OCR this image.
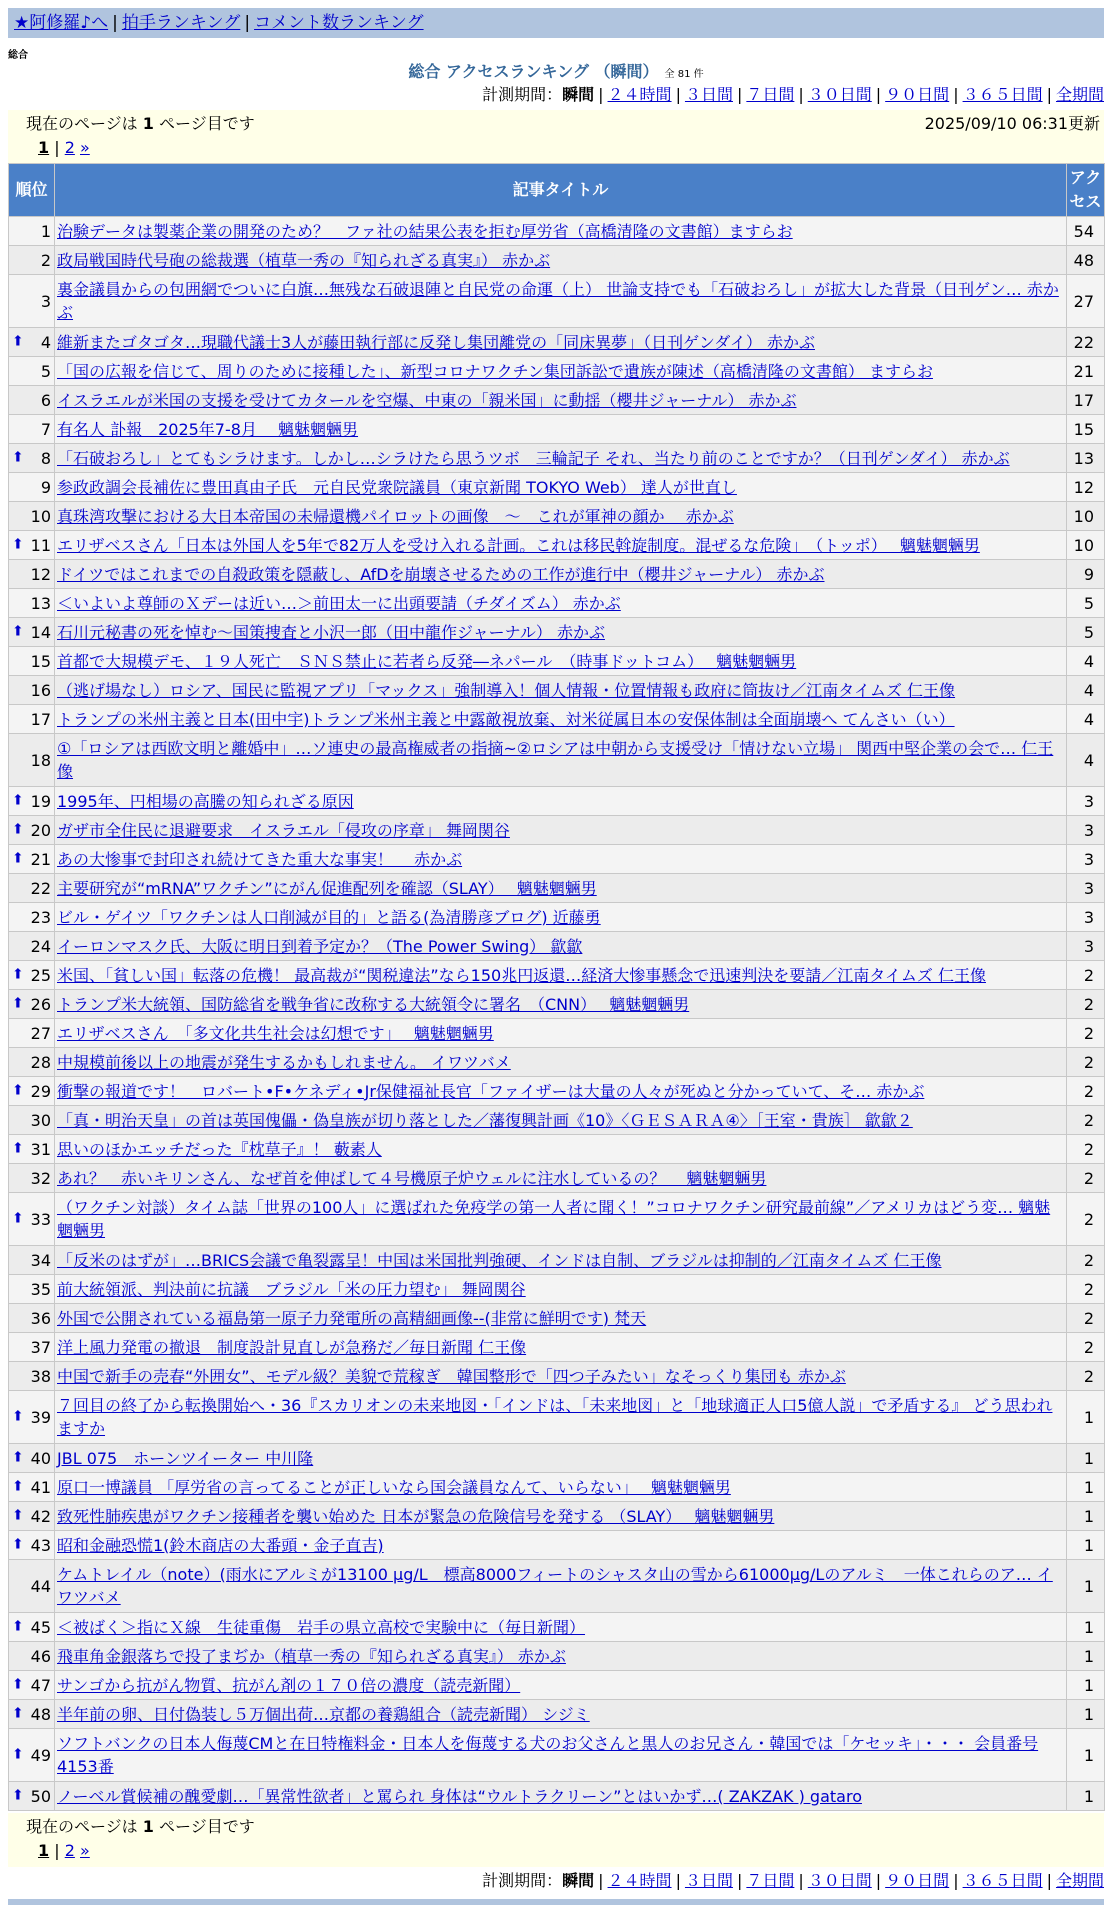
★阿修羅♪へ | 拍手ランキング | コメント数ランキング
総合
総合 アクセスランキング （瞬間） 全 81 件
計測期間：瞬間 | ２４時間 | ３日間 | ７日間 | ３０日間 | ９０日間 | ３６５日間 | 全期間
現在のページは 1 ページ目です	2025/09/10 06:31更新
1 | 2 »
順位	記事タイトル	アクセス
1	治験データは製薬企業の開発のため？　ファ社の結果公表を拒む厚労省（高橋清隆の文書館）ますらお	54
2	政局戦国時代号砲の総裁選（植草一秀の『知られざる真実』） 赤かぶ	48
3	裏金議員からの包囲網でついに白旗…無残な石破退陣と自民党の命運（上） 世論支持でも「石破おろし」が拡大した背景（日刊ゲン… 赤かぶ	27

⬆ 4	維新またゴタゴタ…現職代議士3人が藤田執行部に反発し集団離党の「同床異夢」（日刊ゲンダイ） 赤かぶ	22
5	「国の広報を信じて、周りのために接種した」、新型コロナワクチン集団訴訟で遺族が陳述（高橋清隆の文書館） ますらお	21
6	イスラエルが米国の支援を受けてカタールを空爆、中東の「親米国」に動揺（櫻井ジャーナル） 赤かぶ	17
7	有名人 訃報　2025年7-8月　 魑魅魍魎男	15

⬆ 8	「石破おろし」とてもシラけます。しかし…シラけたら思うツボ　三輪記子 それ、当たり前のことですか？（日刊ゲンダイ） 赤かぶ	13
9	参政政調会長補佐に豊田真由子氏　元自民党衆院議員（東京新聞 TOKYO Web） 達人が世直し	12
10	真珠湾攻撃における大日本帝国の未帰還機パイロットの画像　～　これが軍神の顔か　 赤かぶ	10

⬆ 11	エリザベスさん「日本は外国人を5年で82万人を受け入れる計画。これは移民斡旋制度。混ぜるな危険」　（トッポ）　 魑魅魍魎男	10
12	ドイツではこれまでの自殺政策を隠蔽し、AfDを崩壊させるための工作が進行中（櫻井ジャーナル） 赤かぶ	9
13	＜いよいよ尊師のＸデーは近い…＞前田太一に出頭要請（チダイズム） 赤かぶ	5

⬆ 14	石川元秘書の死を悼む～国策捜査と小沢一郎（田中龍作ジャーナル） 赤かぶ	5
15	首都で大規模デモ、１９人死亡　ＳＮＳ禁止に若者ら反発―ネパール　（時事ドットコム）　 魑魅魍魎男	4
16	（逃げ場なし）ロシア、国民に監視アプリ「マックス」強制導入！個人情報・位置情報も政府に筒抜け／江南タイムズ 仁王像	4
17	トランプの米州主義と日本(田中宇)トランプ米州主義と中露敵視放棄、対米従属日本の安保体制は全面崩壊へ てんさい（い）	4
18	①「ロシアは西欧文明と離婚中」…ソ連史の最高権威者の指摘~②ロシアは中朝から支援受け「情けない立場」 関西中堅企業の会で… 仁王像	4

⬆ 19	1995年、円相場の高騰の知られざる原因	3

⬆ 20	ガザ市全住民に退避要求　イスラエル「侵攻の序章」 舞岡関谷	3

⬆ 21	あの大惨事で封印され続けてきた重大な事実！　 赤かぶ	3
22	主要研究が“mRNA”ワクチン”にがん促進配列を確認（SLAY）　 魑魅魍魎男	3
23	ビル・ゲイツ「ワクチンは人口削減が目的」と語る(為清勝彦ブログ) 近藤勇	3
24	イーロンマスク氏、大阪に明日到着予定か？（The Power Swing） 歙歙	3

⬆ 25	米国、「貧しい国」転落の危機！ 最高裁が“関税違法”なら150兆円返還…経済大惨事懸念で迅速判決を要請／江南タイムズ 仁王像	2

⬆ 26	トランプ米大統領、国防総省を戦争省に改称する大統領令に署名　（CNN）　 魑魅魍魎男	2
27	エリザベスさん　「多文化共生社会は幻想です」　 魑魅魍魎男	2
28	中規模前後以上の地震が発生するかもしれません。 イワツバメ	2

⬆ 29	衝撃の報道です！　ロバート•F•ケネディ•Jr保健福祉長官「ファイザーは大量の人々が死ぬと分かっていて、そ… 赤かぶ	2
30	「真・明治天皇」の首は英国傀儡・偽皇族が切り落とした／藩復興計画《10》〈ＧＥＳＡＲＡ④〉［王室・貴族］ 歙歙２	2

⬆ 31	思いのほかエッチだった『枕草子』！ 藪素人	2
32	あれ？　赤いキリンさん、なぜ首を伸ばして４号機原子炉ウェルに注水しているの？　 魑魅魍魎男	2

⬆ 33	（ワクチン対談）タイム誌「世界の100人」に選ばれた免疫学の第一人者に聞く！”コロナワクチン研究最前線”／アメリカはどう変… 魑魅魍魎男	2
34	「反米のはずが」…BRICS会議で亀裂露呈！中国は米国批判強硬、インドは自制、ブラジルは抑制的／江南タイムズ 仁王像	2
35	前大統領派、判決前に抗議　ブラジル「米の圧力望む」 舞岡関谷	2
36	外国で公開されている福島第一原子力発電所の高精細画像--(非常に鮮明です) 梵天	2
37	洋上風力発電の撤退　制度設計見直しが急務だ／毎日新聞 仁王像	2
38	中国で新手の売春“外囲女”、モデル級？美貌で荒稼ぎ　韓国整形で「四つ子みたい」なそっくり集団も 赤かぶ	2

⬆ 39	７回目の終了から転換開始へ・36『スカリオンの未来地図・「インドは、「未来地図」と「地球適正人口5億人説」で矛盾する』 どう思われますか	1

⬆ 40	JBL 075　ホーンツイーター 中川隆	1

⬆ 41	原口一博議員 「厚労省の言ってることが正しいなら国会議員なんて、いらない」　 魑魅魍魎男	1

⬆ 42	致死性肺疾患がワクチン接種者を襲い始めた 日本が緊急の危険信号を発する （SLAY）　 魑魅魍魎男	1

⬆ 43	昭和金融恐慌1(鈴木商店の大番頭・金子直吉)	1
44	ケムトレイル（note）(雨水にアルミが13100 µg/L　標高8000フィートのシャスタ山の雪から61000µg/Lのアルミ　一体これらのア… イワツバメ	1

⬆ 45	＜被ばく＞指にＸ線　生徒重傷　岩手の県立高校で実験中に（毎日新聞）	1
46	飛車角金銀落ちで投了まぢか（植草一秀の『知られざる真実』） 赤かぶ	1

⬆ 47	サンゴから抗がん物質、抗がん剤の１７０倍の濃度（読売新聞）	1

⬆ 48	半年前の卵、日付偽装し５万個出荷…京都の養鶏組合（読売新聞） シジミ	1

⬆ 49	ソフトバンクの日本人侮蔑CMと在日特権料金・日本人を侮蔑する犬のお父さんと黒人のお兄さん・韓国では「ケセッキ」・・・ 会員番号4153番	1

⬆ 50	ノーベル賞候補の醜愛劇…「異常性欲者」と罵られ 身体は“ウルトラクリーン”とはいかず…( ZAKZAK ) gataro	1
現在のページは 1 ページ目です
1 | 2 »
計測期間：瞬間 | ２４時間 | ３日間 | ７日間 | ３０日間 | ９０日間 | ３６５日間 | 全期間
